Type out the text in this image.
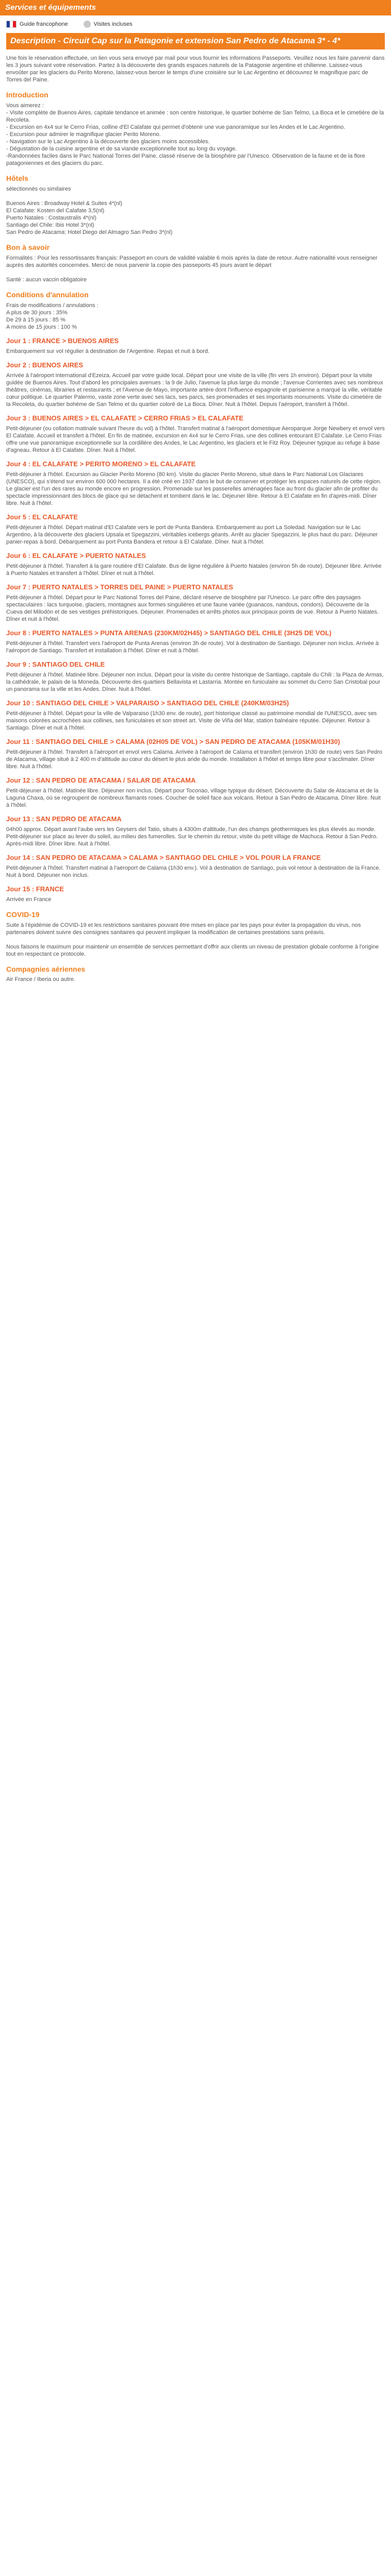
Services et équipements
Guide francophone	Visites incluses
Description - Circuit Cap sur la Patagonie et extension San Pedro de Atacama 3* - 4*
Une fois le réservation effectuée, un lien vous sera envoyé par mail pour vous fournir les informations Passeports. Veuillez nous les faire parvenir dans les 3 jours suivant votre réservation. Partez à la découverte des grands espaces naturels de la Patagonie argentine et chilienne. Laissez-vous envoûter par les glaciers du Perito Moreno, laissez-vous bercer le temps d'une croisière sur le Lac Argentino et découvrez le magnifique parc de Torres del Paine.
Introduction
Vous aimerez :
- Visite complète de Buenos Aires, capitale tendance et animée : son centre historique, le quartier bohème de San Telmo, La Boca et le cimetière de la Recoleta.
- Excursion en 4x4 sur le Cerro Frias, colline d'El Calafate qui permet d'obtenir une vue panoramique sur les Andes et le Lac Argentino.
- Excursion pour admirer le magnifique glacier Perito Moreno.
- Navigation sur le Lac Argentino à la découverte des glaciers moins accessibles.
- Dégustation de la cuisine argentine et de sa viande exceptionnelle tout au long du voyage.
-Randonnées faciles dans le Parc National Torres del Paine, classé réserve de la biosphère par l'Unesco. Observation de la faune et de la flore patagoniennes et des glaciers du parc.
Hôtels
sélectionnés ou similaires

Buenos Aires : Broadway Hotel & Suites 4*(nl)
El Calafate: Kosten del Calafate 3,5(nl)
Puerto Natales : Costaustralis 4*(nl)
Santiago del Chile: Ibis Hotel 3*(nl)
San Pedro de Atacama: Hotel Diego del Almagro San Pedro 3*(nl)
Bon à savoir
Formalités : Pour les ressortissants français: Passeport en cours de validité valable 6 mois après la date de retour. Autre nationalité vous renseigner auprès des autorités concernées. Merci de nous parvenir la copie des passeports 45 jours avant le départ

Santé : aucun vaccin obligatoire
Conditions d'annulation
Frais de modifications / annulations :
A plus de 30 jours : 35%
De 29 à 15 jours : 85 %
A moins de 15 jours : 100 %
Jour 1 : FRANCE > BUENOS AIRES
Embarquement sur vol régulier à destination de l'Argentine. Repas et nuit à bord.
Jour 2 : BUENOS AIRES
Arrivée à l'aéroport international d'Ezeiza. Accueil par votre guide local. Départ pour une visite de la ville (fin vers 1h environ). Départ pour la visite guidée de Buenos Aires. Tout d'abord les principales avenues : la 9 de Julio, l'avenue la plus large du monde ; l'avenue Corrientes avec ses nombreux théâtres, cinémas, librairies et restaurants ; et l'Avenue de Mayo, importante artère dont l'influence espagnole et parisienne a marqué la ville, véritable cœur politique. Le quartier Palermo, vaste zone verte avec ses lacs, ses parcs, ses promenades et ses importants monuments. Visite du cimetière de la Recoleta, du quartier bohème de San Telmo et du quartier coloré de La Boca. Dîner. Nuit à l'hôtel. Depuis l'aéroport, transfert à l'hôtel.
Jour 3 : BUENOS AIRES > EL CALAFATE > CERRO FRIAS > EL CALAFATE
Petit-déjeuner (ou collation matinale suivant l'heure du vol) à l'hôtel. Transfert matinal à l'aéroport domestique Aeroparque Jorge Newbery et envol vers El Calafate. Accueil et transfert à l'hôtel. En fin de matinée, excursion en 4x4 sur le Cerro Frias, une des collines entourant El Calafate. Le Cerro Frias offre une vue panoramique exceptionnelle sur la cordillère des Andes, le Lac Argentino, les glaciers et le Fitz Roy. Déjeuner typique au refuge à base d'agneau. Retour à El Calafate. Dîner. Nuit à l'hôtel.
Jour 4 : EL CALAFATE > PERITO MORENO > EL CALAFATE
Petit-déjeuner à l'hôtel. Excursion au Glacier Perito Moreno (80 km). Visite du glacier Perito Moreno, situé dans le Parc National Los Glaciares (UNESCO), qui s'étend sur environ 600 000 hectares. Il a été créé en 1937 dans le but de conserver et protéger les espaces naturels de cette région. Le glacier est l'un des rares au monde encore en progression. Promenade sur les passerelles aménagées face au front du glacier afin de profiter du spectacle impressionnant des blocs de glace qui se détachent et tombent dans le lac. Déjeuner libre. Retour à El Calafate en fin d'après-midi. Dîner libre. Nuit à l'hôtel.
Jour 5 : EL CALAFATE
Petit-déjeuner à l'hôtel. Départ matinal d'El Calafate vers le port de Punta Bandera. Embarquement au port La Soledad. Navigation sur le Lac Argentino, à la découverte des glaciers Upsala et Spegazzini, véritables icebergs géants. Arrêt au glacier Spegazzini, le plus haut du parc. Déjeuner panier-repas à bord. Débarquement au port Punta Bandera et retour à El Calafate. Dîner. Nuit à l'hôtel.
Jour 6 : EL CALAFATE > PUERTO NATALES
Petit-déjeuner à l'hôtel. Transfert à la gare routière d'El Calafate. Bus de ligne régulière à Puerto Natales (environ 5h de route). Déjeuner libre. Arrivée à Puerto Natales et transfert à l'hôtel. Dîner et nuit à l'hôtel.
Jour 7 : PUERTO NATALES > TORRES DEL PAINE > PUERTO NATALES
Petit-déjeuner à l'hôtel. Départ pour le Parc National Torres del Paine, déclaré réserve de biosphère par l'Unesco. Le parc offre des paysages spectaculaires : lacs turquoise, glaciers, montagnes aux formes singulières et une faune variée (guanacos, nandous, condors). Découverte de la Cueva del Milodón et de ses vestiges préhistoriques. Déjeuner. Promenades et arrêts photos aux principaux points de vue. Retour à Puerto Natales. Dîner et nuit à l'hôtel.
Jour 8 : PUERTO NATALES > PUNTA ARENAS (230KM/02H45) > SANTIAGO DEL CHILE (3H25 DE VOL)
Petit-déjeuner à l'hôtel. Transfert vers l'aéroport de Punta Arenas (environ 3h de route). Vol à destination de Santiago. Déjeuner non inclus. Arrivée à l'aéroport de Santiago. Transfert et installation à l'hôtel. Dîner et nuit à l'hôtel.
Jour 9 : SANTIAGO DEL CHILE
Petit-déjeuner à l'hôtel. Matinée libre. Déjeuner non inclus. Départ pour la visite du centre historique de Santiago, capitale du Chili : la Plaza de Armas, la cathédrale, le palais de la Moneda. Découverte des quartiers Bellavista et Lastarria. Montée en funiculaire au sommet du Cerro San Cristobal pour un panorama sur la ville et les Andes. Dîner. Nuit à l'hôtel.
Jour 10 : SANTIAGO DEL CHILE > VALPARAISO > SANTIAGO DEL CHILE (240KM/03H25)
Petit-déjeuner à l'hôtel. Départ pour la ville de Valparaiso (1h30 env. de route), port historique classé au patrimoine mondial de l'UNESCO, avec ses maisons colorées accrochées aux collines, ses funiculaires et son street art. Visite de Viña del Mar, station balnéaire réputée. Déjeuner. Retour à Santiago. Dîner et nuit à l'hôtel.
Jour 11 : SANTIAGO DEL CHILE > CALAMA (02H05 DE VOL) > SAN PEDRO DE ATACAMA (105KM/01H30)
Petit-déjeuner à l'hôtel. Transfert à l'aéroport et envol vers Calama. Arrivée à l'aéroport de Calama et transfert (environ 1h30 de route) vers San Pedro de Atacama, village situé à 2 400 m d'altitude au cœur du désert le plus aride du monde. Installation à l'hôtel et temps libre pour s'acclimater. Dîner libre. Nuit à l'hôtel.
Jour 12 : SAN PEDRO DE ATACAMA / SALAR DE ATACAMA
Petit-déjeuner à l'hôtel. Matinée libre. Déjeuner non inclus. Départ pour Toconao, village typique du désert. Découverte du Salar de Atacama et de la Laguna Chaxa, où se regroupent de nombreux flamants roses. Coucher de soleil face aux volcans. Retour à San Pedro de Atacama. Dîner libre. Nuit à l'hôtel.
Jour 13 : SAN PEDRO DE ATACAMA
04h00 approx. Départ avant l'aube vers les Geysers del Tatio, situés à 4300m d'altitude, l'un des champs géothermiques les plus élevés au monde. Petit-déjeuner sur place au lever du soleil, au milieu des fumerolles. Sur le chemin du retour, visite du petit village de Machuca. Retour à San Pedro. Après-midi libre. Dîner libre. Nuit à l'hôtel.
Jour 14 : SAN PEDRO DE ATACAMA > CALAMA > SANTIAGO DEL CHILE > VOL POUR LA FRANCE
Petit-déjeuner à l'hôtel. Transfert matinal à l'aéroport de Calama (1h30 env.). Vol à destination de Santiago, puis vol retour à destination de la France. Nuit à bord. Déjeuner non inclus.
Jour 15 : FRANCE
Arrivée en France
COVID-19
Suite à l'épidémie de COVID-19 et les restrictions sanitaires pouvant être mises en place par les pays pour éviter la propagation du virus, nos partenaires doivent suivre des consignes sanitaires qui peuvent impliquer la modification de certaines prestations sans préavis.

Nous faisons le maximum pour maintenir un ensemble de services permettant d'offrir aux clients un niveau de prestation globale conforme à l'origine tout en respectant ce protocole.
Compagnies aériennes
Air France / Iberia ou autre.
